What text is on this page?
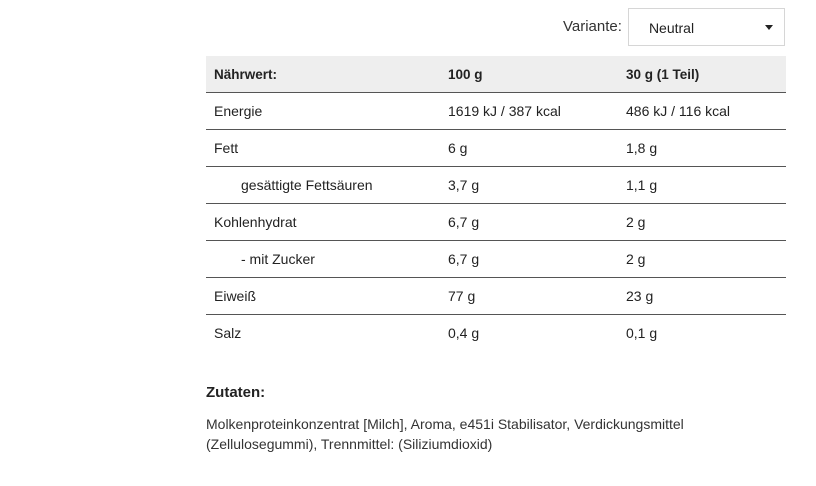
Variante: Neutral
Nährwert:	100 g	30 g (1 Teil)
Energie	1619 kJ / 387 kcal	486 kJ / 116 kcal
Fett	6 g	1,8 g
gesättigte Fettsäuren	3,7 g	1,1 g
Kohlenhydrat	6,7 g	2 g
- mit Zucker	6,7 g	2 g
Eiweiß	77 g	23 g
Salz	0,4 g	0,1 g
Zutaten:
Molkenproteinkonzentrat [Milch], Aroma, e451i Stabilisator, Verdickungsmittel (Zellulosegummi), Trennmittel: (Siliziumdioxid)
